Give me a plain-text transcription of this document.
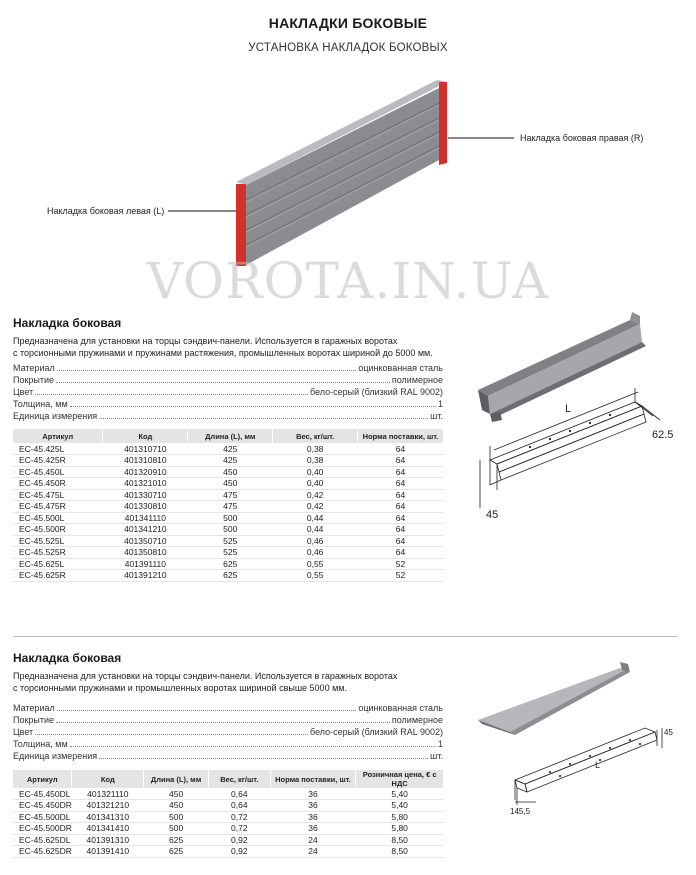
НАКЛАДКИ БОКОВЫЕ
УСТАНОВКА НАКЛАДОК БОКОВЫХ
Накладка боковая правая (R)
Накладка боковая левая (L)
VOROTA.IN.UA
Накладка боковая
Предназначена для установки на торцы сэндвич-панели. Используется в гаражных воротах
с торсионными пружинами и пружинами растяжения, промышленных воротах шириной до 5000 мм.
Материал	оцинкованная сталь
Покрытие	полимерное
Цвет	бело-серый (близкий RAL 9002)
Толщина, мм	1
Единица измерения	шт.
Артикул	Код	Длина (L), мм	Вес, кг/шт.	Норма поставки, шт.
EC-45.425L	401310710	425	0,38	64
EC-45.425R	401310810	425	0,38	64
EC-45.450L	401320910	450	0,40	64
EC-45.450R	401321010	450	0,40	64
EC-45.475L	401330710	475	0,42	64
EC-45.475R	401330810	475	0,42	64
EC-45.500L	401341110	500	0,44	64
EC-45.500R	401341210	500	0,44	64
EC-45.525L	401350710	525	0,46	64
EC-45.525R	401350810	525	0,46	64
EC-45.625L	401391110	625	0,55	52
EC-45.625R	401391210	625	0,55	52
L
62.5
45
Накладка боковая
Предназначена для установки на торцы сэндвич-панели. Используется в гаражных воротах
с торсионными пружинами и промышленных воротах шириной свыше 5000 мм.
Материал	оцинкованная сталь
Покрытие	полимерное
Цвет	бело-серый (близкий RAL 9002)
Толщина, мм	1
Единица измерения	шт.
Артикул	Код	Длина (L), мм	Вес, кг/шт.	Норма поставки, шт.	Розничная цена, € с НДС
EC-45.450DL	401321110	450	0,64	36	5,40
EC-45.450DR	401321210	450	0,64	36	5,40
EC-45.500DL	401341310	500	0,72	36	5,80
EC-45.500DR	401341410	500	0,72	36	5,80
EC-45.625DL	401391310	625	0,92	24	8,50
EC-45.625DR	401391410	625	0,92	24	8,50
L
45
145,5
